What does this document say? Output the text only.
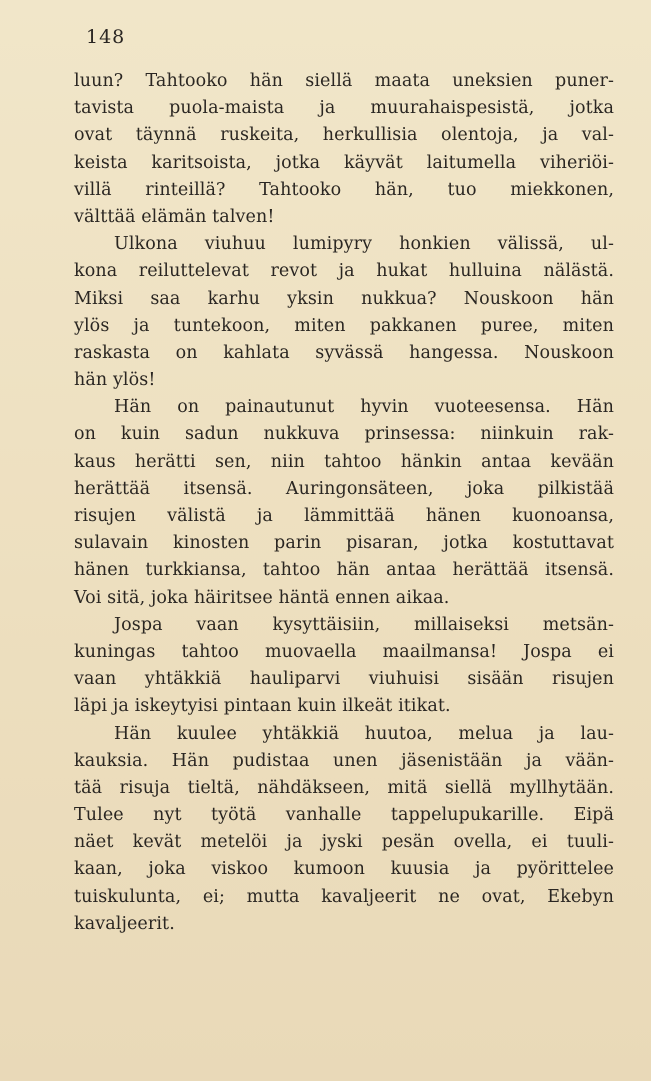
148
luun? Tahtooko hän siellä maata uneksien puner-
tavista puola-maista ja muurahaispesistä, jotka
ovat täynnä ruskeita, herkullisia olentoja, ja val-
keista karitsoista, jotka käyvät laitumella viheriöi-
villä rinteillä? Tahtooko hän, tuo miekkonen,
välttää elämän talven!
Ulkona viuhuu lumipyry honkien välissä, ul-
kona reiluttelevat revot ja hukat hulluina nälästä.
Miksi saa karhu yksin nukkua? Nouskoon hän
ylös ja tuntekoon, miten pakkanen puree, miten
raskasta on kahlata syvässä hangessa. Nouskoon
hän ylös!
Hän on painautunut hyvin vuoteesensa. Hän
on kuin sadun nukkuva prinsessa: niinkuin rak-
kaus herätti sen, niin tahtoo hänkin antaa kevään
herättää itsensä. Auringonsäteen, joka pilkistää
risujen välistä ja lämmittää hänen kuonoansa,
sulavain kinosten parin pisaran, jotka kostuttavat
hänen turkkiansa, tahtoo hän antaa herättää itsensä.
Voi sitä, joka häiritsee häntä ennen aikaa.
Jospa vaan kysyttäisiin, millaiseksi metsän-
kuningas tahtoo muovaella maailmansa! Jospa ei
vaan yhtäkkiä hauliparvi viuhuisi sisään risujen
läpi ja iskeytyisi pintaan kuin ilkeät itikat.
Hän kuulee yhtäkkiä huutoa, melua ja lau-
kauksia. Hän pudistaa unen jäsenistään ja vään-
tää risuja tieltä, nähdäkseen, mitä siellä myllhytään.
Tulee nyt työtä vanhalle tappelupukarille. Eipä
näet kevät metelöi ja jyski pesän ovella, ei tuuli-
kaan, joka viskoo kumoon kuusia ja pyörittelee
tuiskulunta, ei; mutta kavaljeerit ne ovat, Ekebyn
kavaljeerit.
